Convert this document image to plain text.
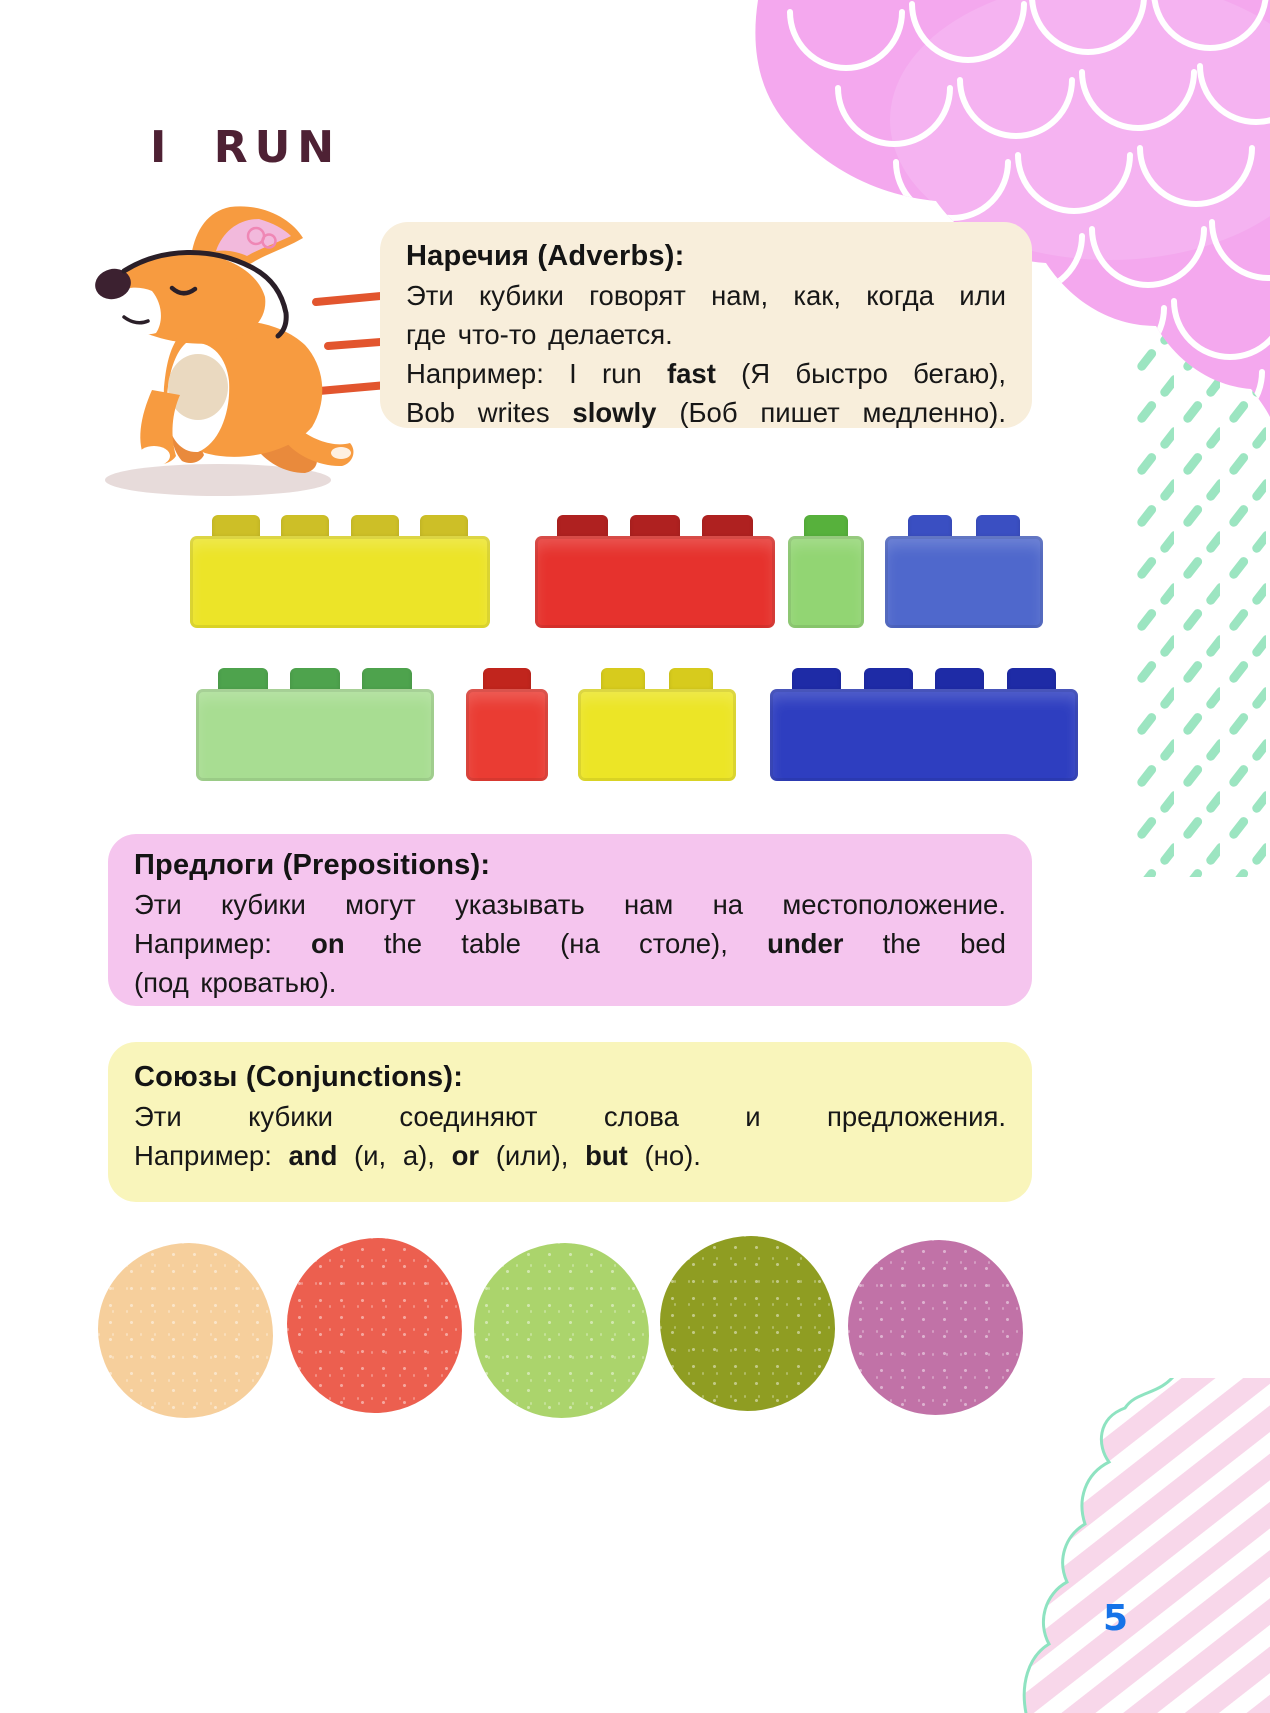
I RUN
Наречия (Adverbs):
Эти кубики говорят нам, как, когда или
где что-то делается.
Например: I run fast (Я быстро бегаю),
Bob writes slowly (Боб пишет медленно).
Предлоги (Prepositions):
Эти кубики могут указывать нам на местоположение.
Например: on the table (на столе), under the bed
(под кроватью).
Союзы (Conjunctions):
Эти кубики соединяют слова и предложения.
Например: and (и, а), or (или), but (но).
5
